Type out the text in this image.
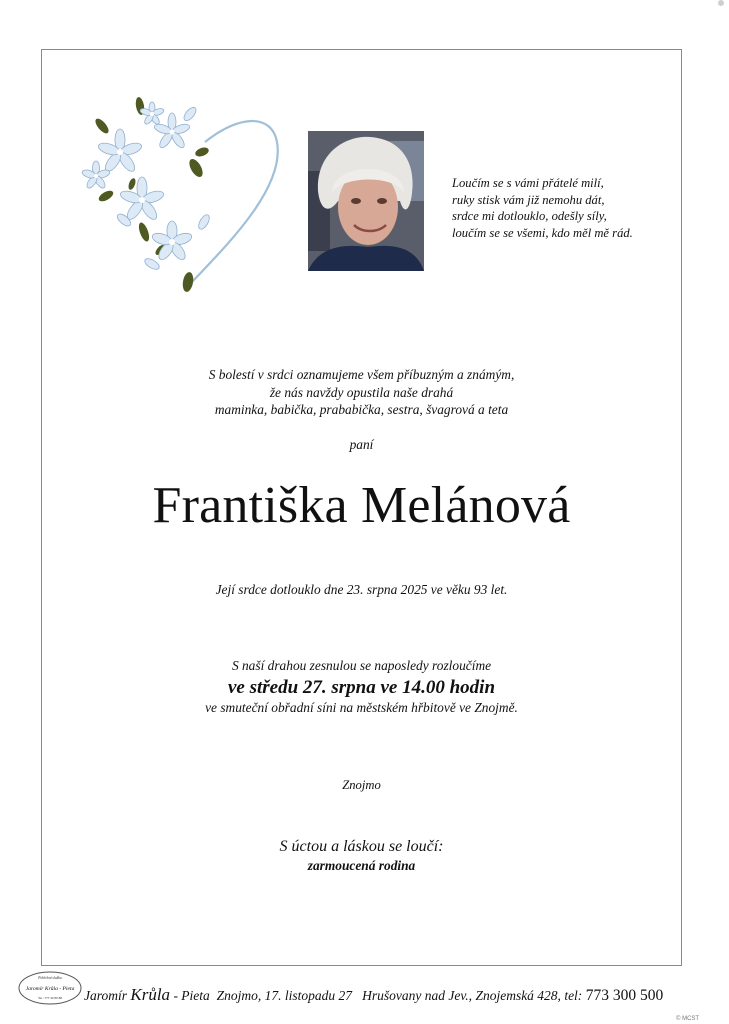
Loučím se s vámi přátelé milí,
ruky stisk vám již nemohu dát,
srdce mi dotlouklo, odešly síly,
loučím se se všemi, kdo měl mě rád.
S bolestí v srdci oznamujeme všem příbuzným a známým,
že nás navždy opustila naše drahá
maminka, babička, prababička, sestra, švagrová a teta
paní
Františka Melánová
Její srdce dotlouklo dne 23. srpna 2025 ve věku 93 let.
S naší drahou zesnulou se naposledy rozloučíme
ve středu 27. srpna ve 14.00 hodin
ve smuteční obřadní síni na městském hřbitově ve Znojmě.
Znojmo
S úctou a láskou se loučí:
zarmoucená rodina
Pohřební služba
Jaromír Krůla - Pieta
Tel.: 777 33 86 88 Jaromír Krůla - Pieta Znojmo, 17. listopadu 27 Hrušovany nad Jev., Znojemská 428, tel: 773 300 500
© MCST
